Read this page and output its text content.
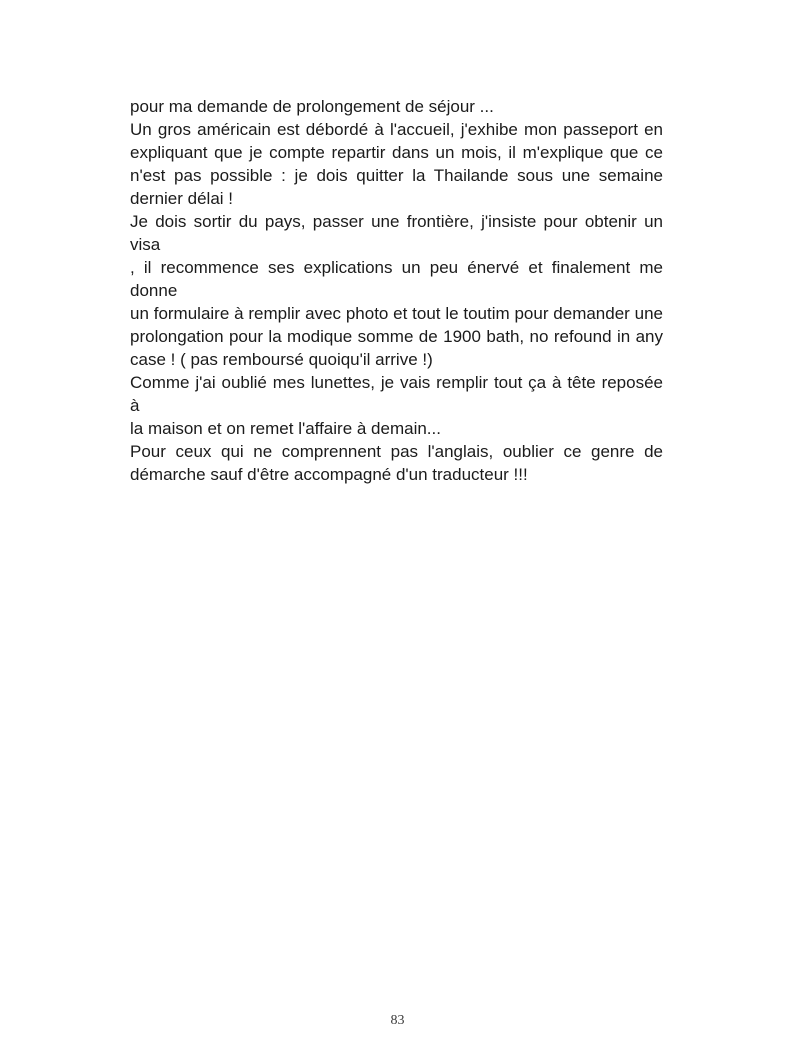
pour ma demande de prolongement de séjour ...
Un gros américain est débordé à l'accueil, j'exhibe mon passeport en
expliquant que je compte repartir dans un mois, il m'explique que ce
n'est pas possible : je dois quitter la Thailande sous une semaine
dernier délai !
Je dois sortir du pays, passer une frontière, j'insiste pour obtenir un visa
, il recommence ses explications un peu énervé et finalement me donne
un formulaire à remplir avec photo et tout le toutim pour demander une
prolongation pour la modique somme de 1900 bath, no refound in any
case ! ( pas remboursé quoiqu'il arrive !)
Comme j'ai oublié mes lunettes, je vais remplir tout ça à tête reposée à
la maison et on remet l'affaire à demain...
Pour ceux qui ne comprennent pas l'anglais, oublier ce genre de
démarche sauf d'être accompagné d'un traducteur !!!
83
